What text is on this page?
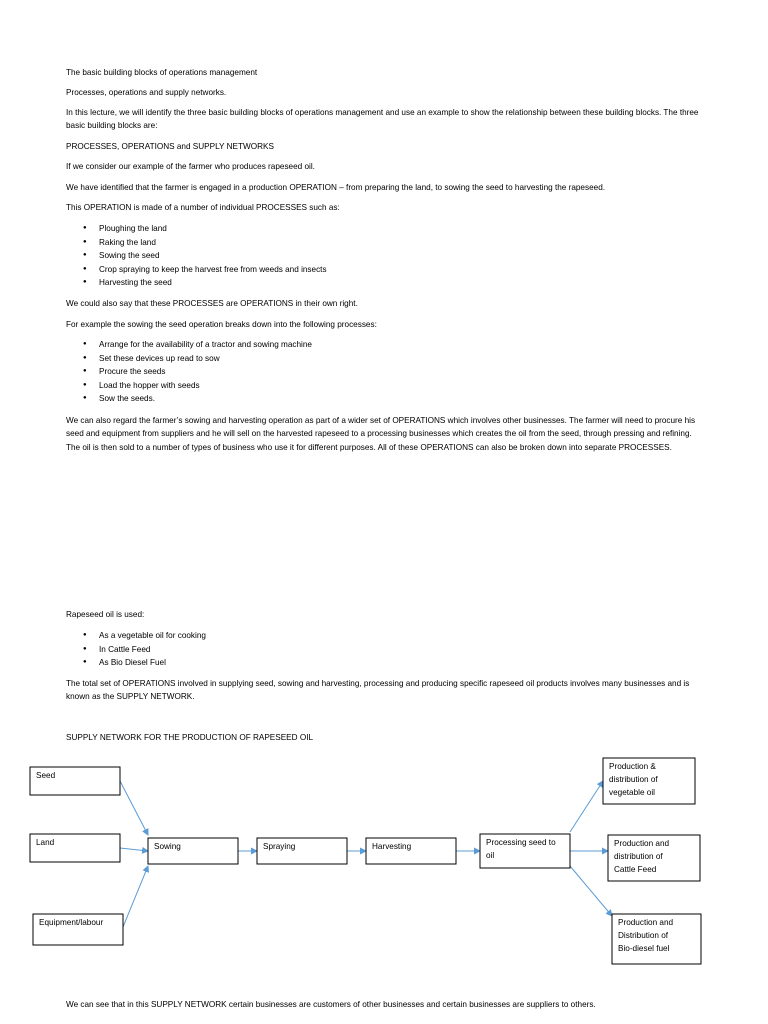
The basic building blocks of operations management
Processes, operations and supply networks.
In this lecture, we will identify the three basic building blocks of operations management and use an example to show the relationship between these building blocks. The three basic building blocks are:
PROCESSES, OPERATIONS and SUPPLY NETWORKS
If we consider our example of the farmer who produces rapeseed oil.
We have identified that the farmer is engaged in a production OPERATION – from preparing the land, to sowing the seed to harvesting the rapeseed.
This OPERATION is made of a number of individual PROCESSES such as:
● Ploughing the land
● Raking the land
● Sowing the seed
● Crop spraying to keep the harvest free from weeds and insects
● Harvesting the seed
We could also say that these PROCESSES are OPERATIONS in their own right.
For example the sowing the seed operation breaks down into the following processes:
● Arrange for the availability of a tractor and sowing machine
● Set these devices up read to sow
● Procure the seeds
● Load the hopper with seeds
● Sow the seeds.
We can also regard the farmer’s sowing and harvesting operation as part of a wider set of OPERATIONS which involves other businesses. The farmer will need to procure his seed and equipment from suppliers and he will sell on the harvested rapeseed to a processing businesses which creates the oil from the seed, through pressing and refining. The oil is then sold to a number of types of business who use it for different purposes. All of these OPERATIONS can also be broken down into separate PROCESSES.
Rapeseed oil is used:
● As a vegetable oil for cooking
● In Cattle Feed
● As Bio Diesel Fuel
The total set of OPERATIONS involved in supplying seed, sowing and harvesting, processing and producing specific rapeseed oil products involves many businesses and is known as the SUPPLY NETWORK.
SUPPLY NETWORK FOR THE PRODUCTION OF RAPESEED OIL
Seed
Land
Equipment/labour
Sowing	Spraying	Harvesting	Processing seed to
oil
Production &
distribution of
vegetable oil
Production and
distribution of
Cattle Feed
Production and
Distribution of
Bio-diesel fuel
We can see that in this SUPPLY NETWORK certain businesses are customers of other businesses and certain businesses are suppliers to others.
